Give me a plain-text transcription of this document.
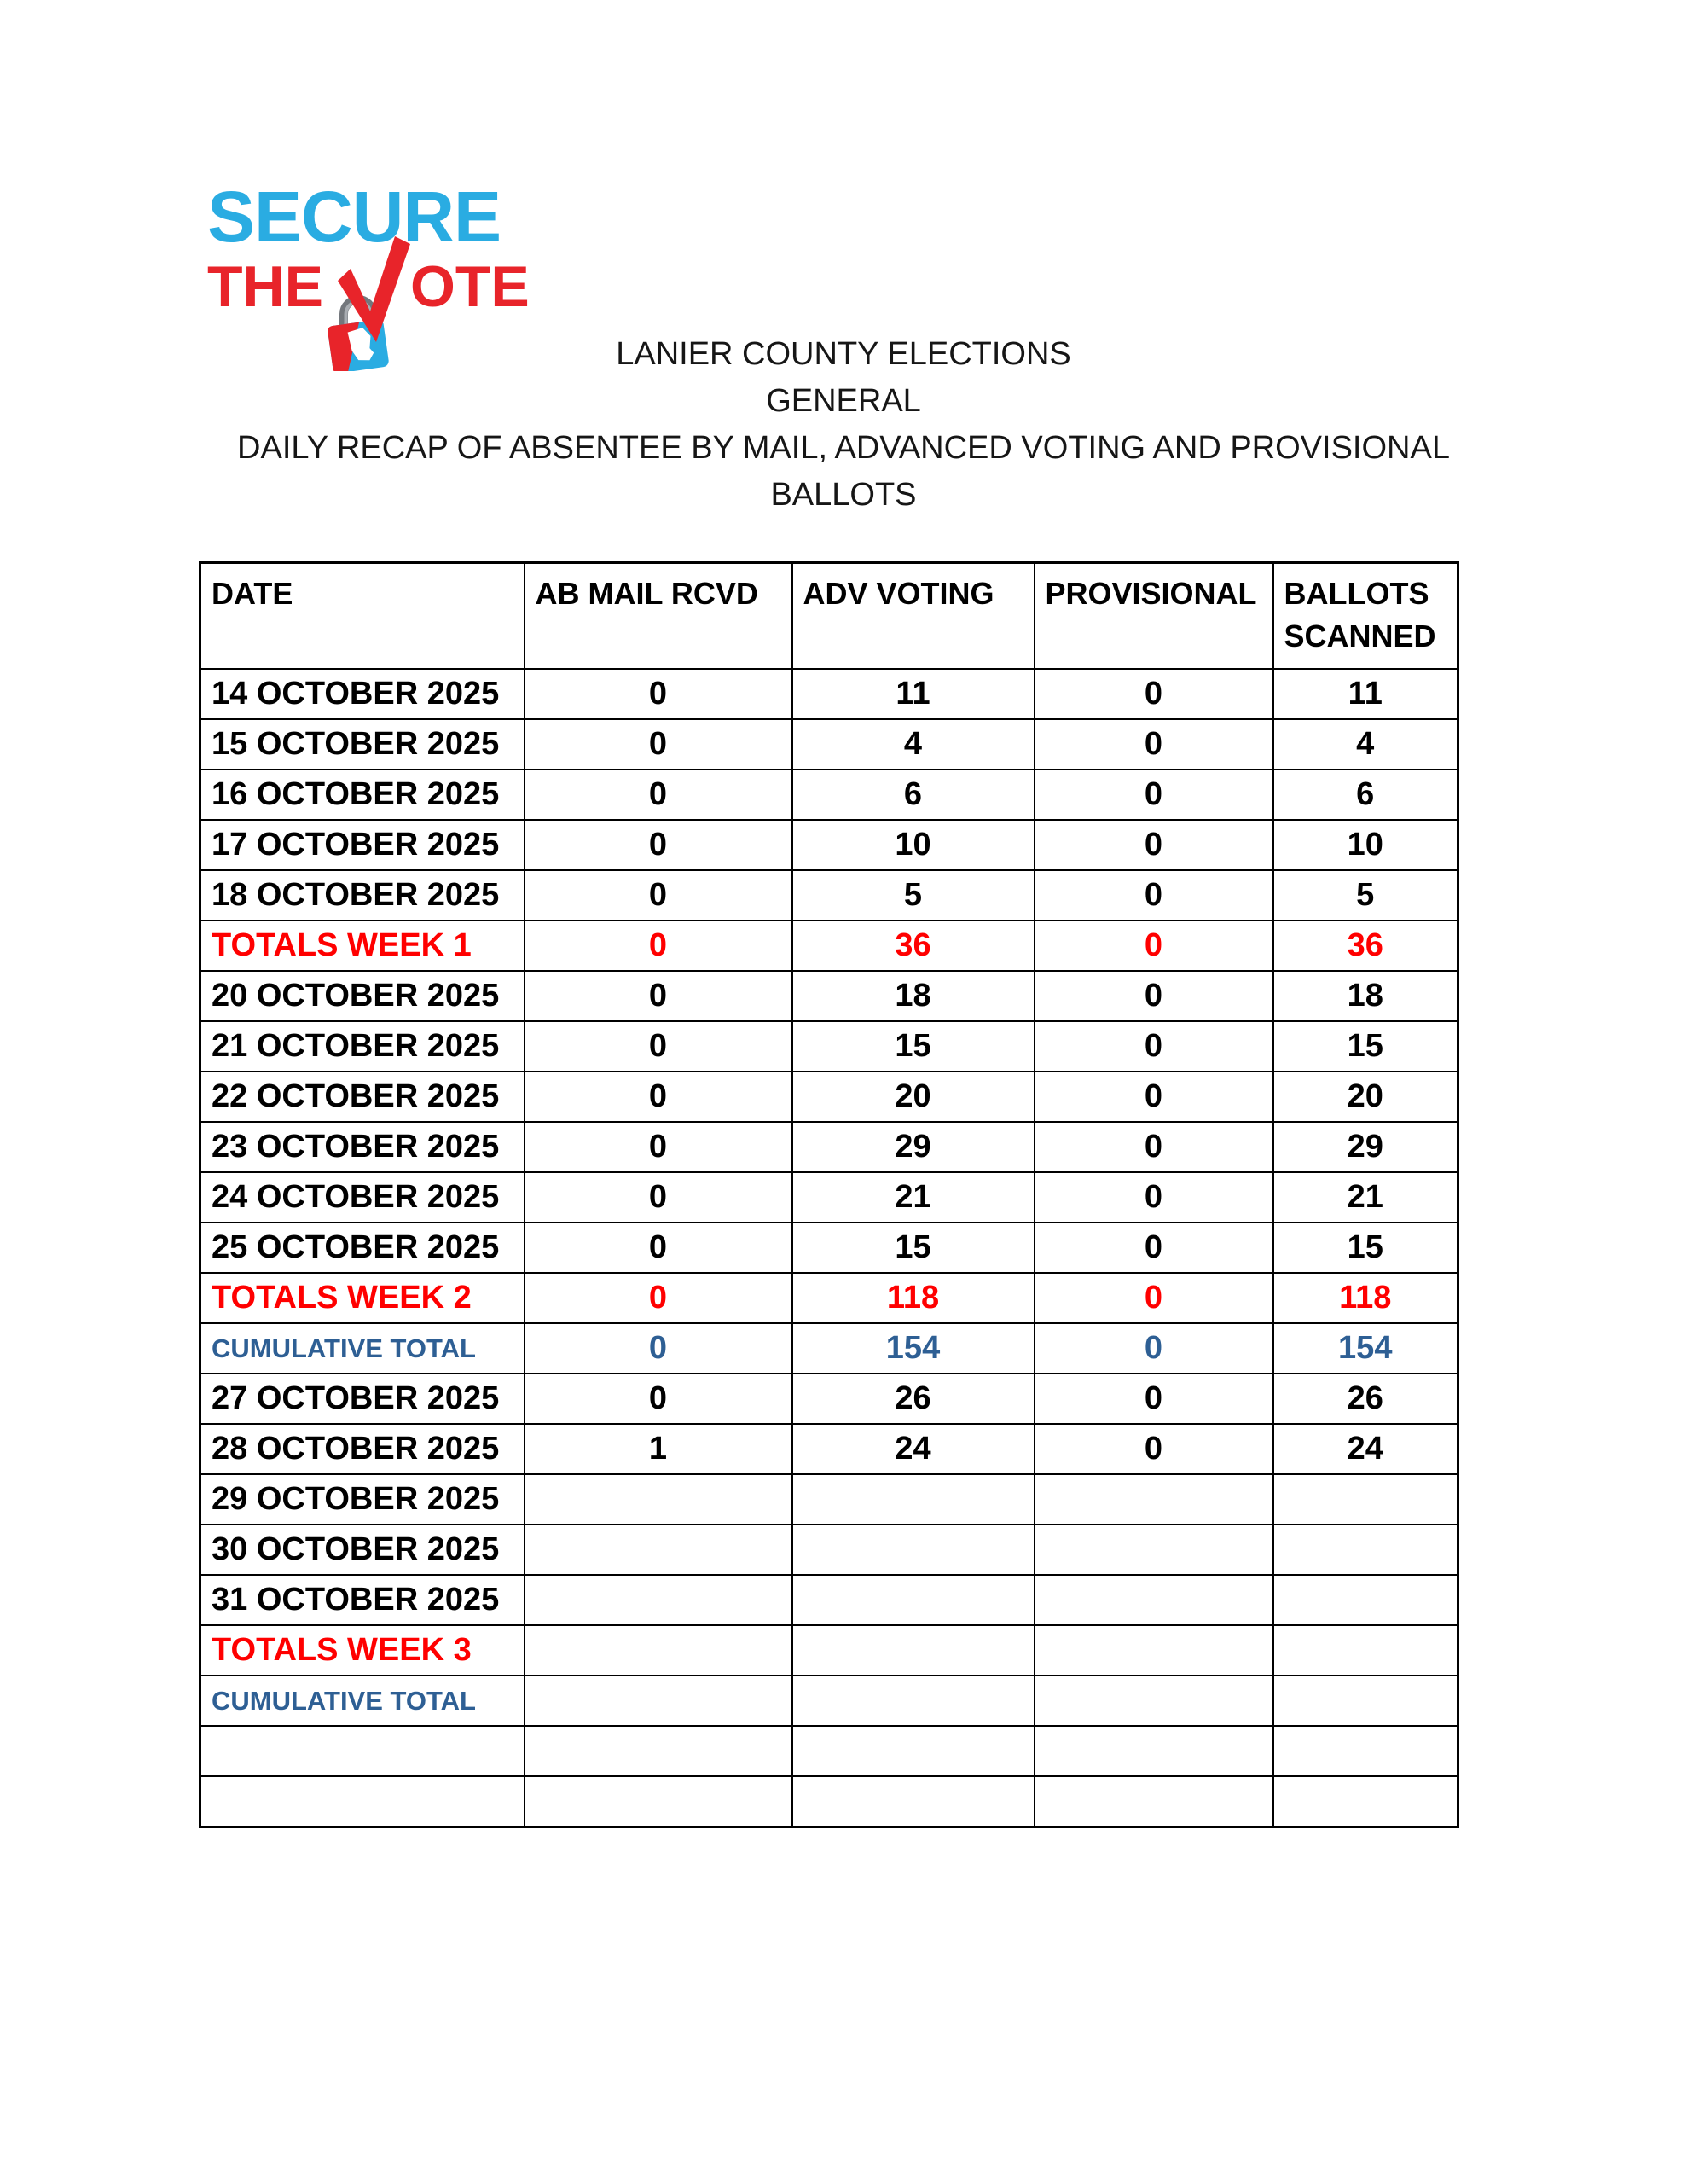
SECURE
THE OTE
LANIER COUNTY ELECTIONS
GENERAL
DAILY RECAP OF ABSENTEE BY MAIL, ADVANCED VOTING AND PROVISIONAL
BALLOTS
DATE	AB MAIL RCVD	ADV VOTING	PROVISIONAL	BALLOTS SCANNED
14 OCTOBER 2025	0	11	0	11
15 OCTOBER 2025	0	4	0	4
16 OCTOBER 2025	0	6	0	6
17 OCTOBER 2025	0	10	0	10
18 OCTOBER 2025	0	5	0	5
TOTALS WEEK 1	0	36	0	36
20 OCTOBER 2025	0	18	0	18
21 OCTOBER 2025	0	15	0	15
22 OCTOBER 2025	0	20	0	20
23 OCTOBER 2025	0	29	0	29
24 OCTOBER 2025	0	21	0	21
25 OCTOBER 2025	0	15	0	15
TOTALS WEEK 2	0	118	0	118
CUMULATIVE TOTAL	0	154	0	154
27 OCTOBER 2025	0	26	0	26
28 OCTOBER 2025	1	24	0	24
29 OCTOBER 2025				
30 OCTOBER 2025				
31 OCTOBER 2025				
TOTALS WEEK 3				
CUMULATIVE TOTAL				
